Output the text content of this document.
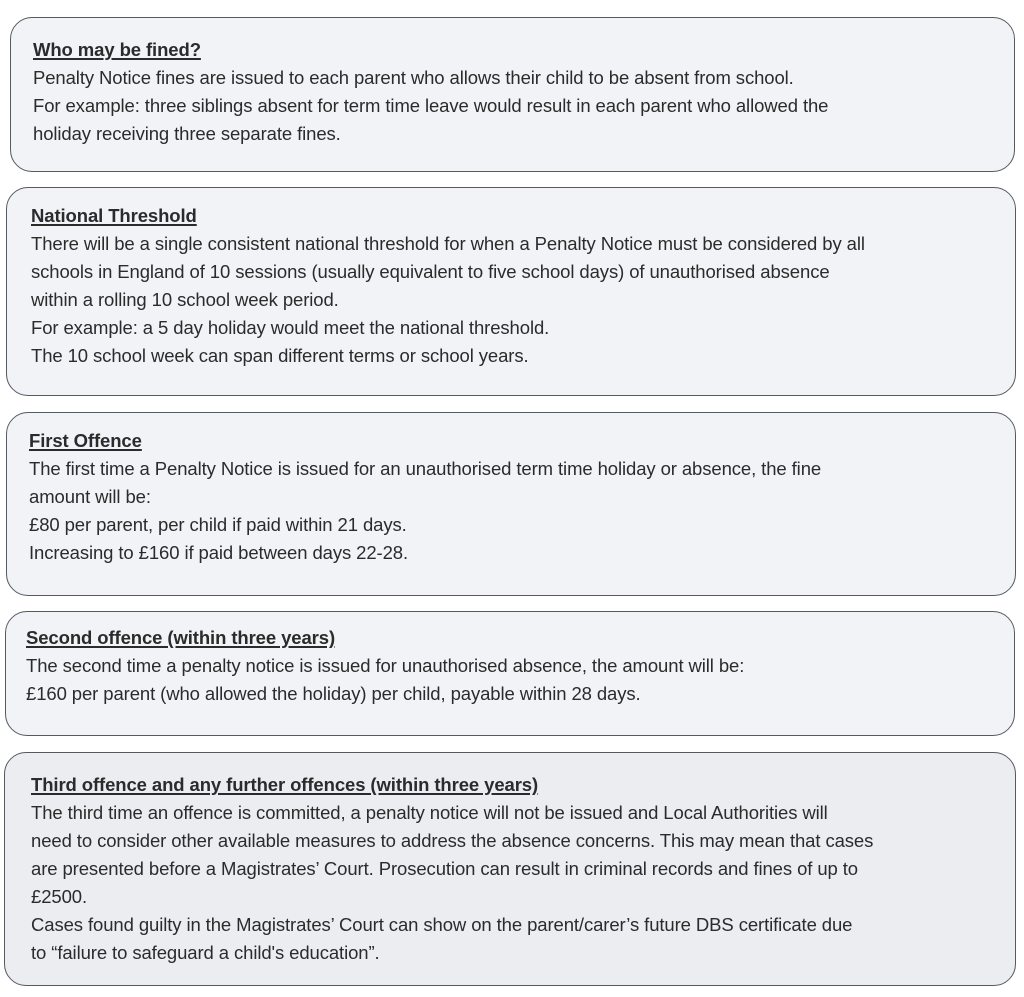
Who may be fined?
Penalty Notice fines are issued to each parent who allows their child to be absent from school.
For example: three siblings absent for term time leave would result in each parent who allowed the
holiday receiving three separate fines.
National Threshold
There will be a single consistent national threshold for when a Penalty Notice must be considered by all
schools in England of 10 sessions (usually equivalent to five school days) of unauthorised absence
within a rolling 10 school week period.
For example: a 5 day holiday would meet the national threshold.
The 10 school week can span different terms or school years.
First Offence
The first time a Penalty Notice is issued for an unauthorised term time holiday or absence, the fine
amount will be:
£80 per parent, per child if paid within 21 days.
Increasing to £160 if paid between days 22-28.
Second offence (within three years)
The second time a penalty notice is issued for unauthorised absence, the amount will be:
£160 per parent (who allowed the holiday) per child, payable within 28 days.
Third offence and any further offences (within three years)
The third time an offence is committed, a penalty notice will not be issued and Local Authorities will
need to consider other available measures to address the absence concerns. This may mean that cases
are presented before a Magistrates’ Court. Prosecution can result in criminal records and fines of up to
£2500.
Cases found guilty in the Magistrates’ Court can show on the parent/carer’s future DBS certificate due
to “failure to safeguard a child's education”.
